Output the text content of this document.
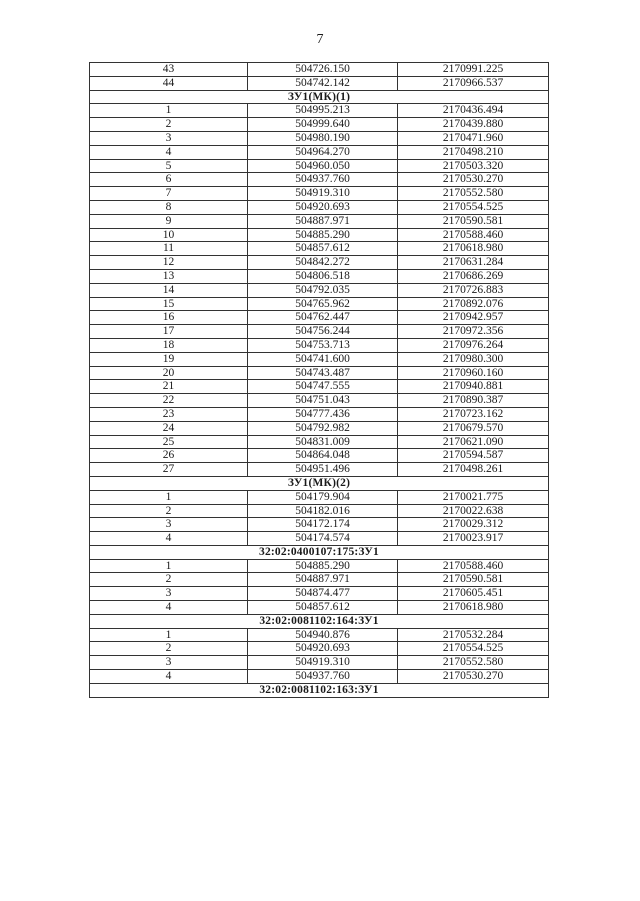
7
43	504726.150	2170991.225
44	504742.142	2170966.537
ЗУ1(МК)(1)		
1	504995.213	2170436.494
2	504999.640	2170439.880
3	504980.190	2170471.960
4	504964.270	2170498.210
5	504960.050	2170503.320
6	504937.760	2170530.270
7	504919.310	2170552.580
8	504920.693	2170554.525
9	504887.971	2170590.581
10	504885.290	2170588.460
11	504857.612	2170618.980
12	504842.272	2170631.284
13	504806.518	2170686.269
14	504792.035	2170726.883
15	504765.962	2170892.076
16	504762.447	2170942.957
17	504756.244	2170972.356
18	504753.713	2170976.264
19	504741.600	2170980.300
20	504743.487	2170960.160
21	504747.555	2170940.881
22	504751.043	2170890.387
23	504777.436	2170723.162
24	504792.982	2170679.570
25	504831.009	2170621.090
26	504864.048	2170594.587
27	504951.496	2170498.261
ЗУ1(МК)(2)		
1	504179.904	2170021.775
2	504182.016	2170022.638
3	504172.174	2170029.312
4	504174.574	2170023.917
32:02:0400107:175:ЗУ1		
1	504885.290	2170588.460
2	504887.971	2170590.581
3	504874.477	2170605.451
4	504857.612	2170618.980
32:02:0081102:164:ЗУ1		
1	504940.876	2170532.284
2	504920.693	2170554.525
3	504919.310	2170552.580
4	504937.760	2170530.270
32:02:0081102:163:ЗУ1		
